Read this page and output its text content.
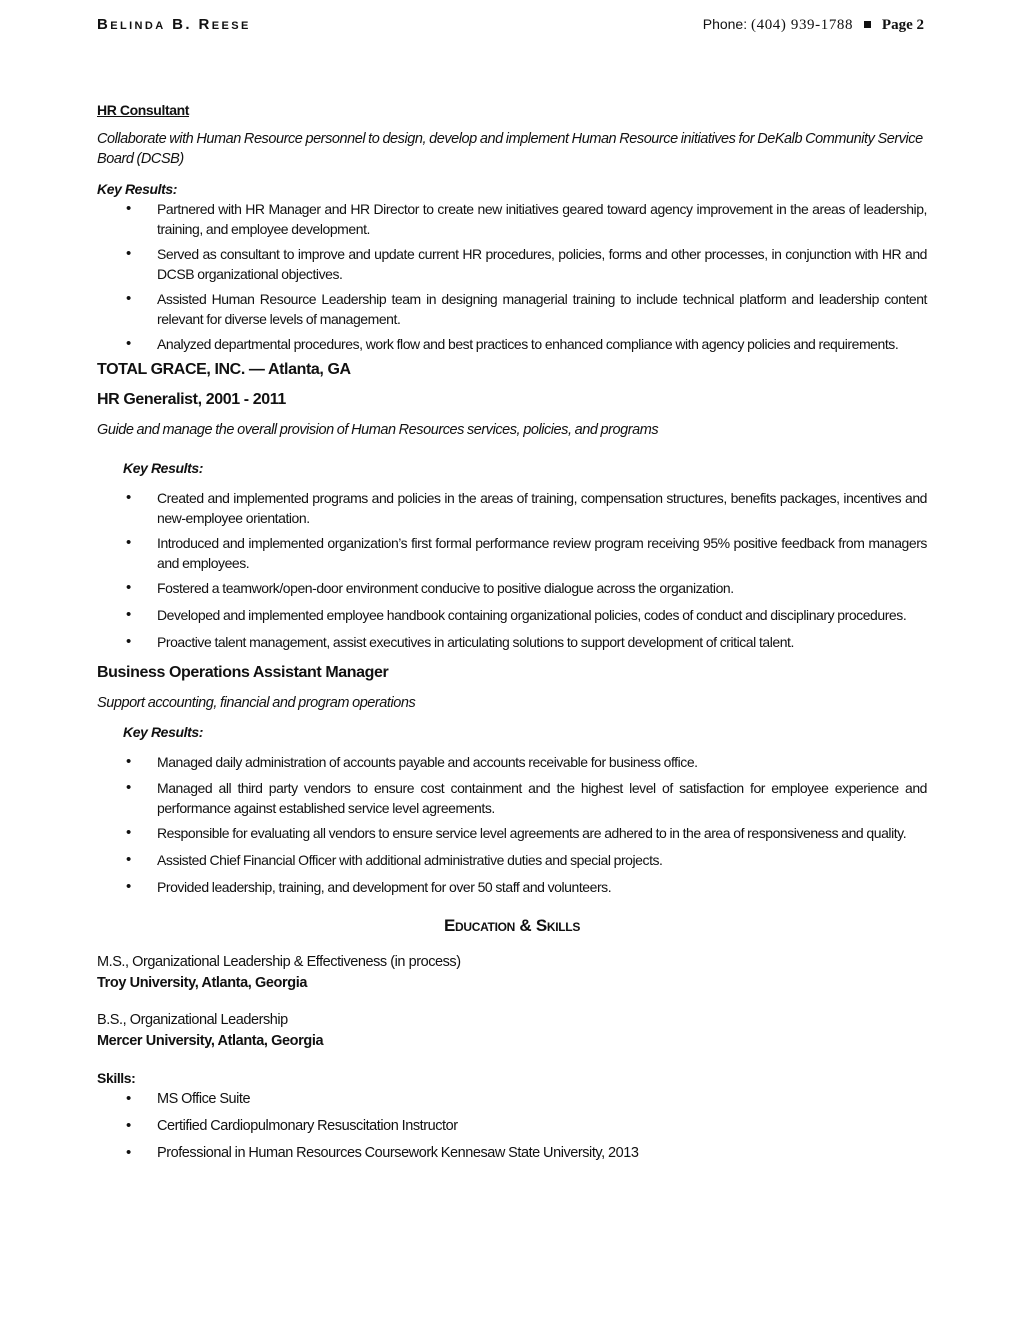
Belinda B. Reese	Phone: (404) 939-1788 Page 2

HR Consultant

Collaborate with Human Resource personnel to design, develop and implement Human Resource initiatives for DeKalb Community Service Board (DCSB)

Key Results:

• Partnered with HR Manager and HR Director to create new initiatives geared toward agency improvement in the areas of leadership, training, and employee development.
• Served as consultant to improve and update current HR procedures, policies, forms and other processes, in conjunction with HR and DCSB organizational objectives.
• Assisted Human Resource Leadership team in designing managerial training to include technical platform and leadership content relevant for diverse levels of management.
• Analyzed departmental procedures, work flow and best practices to enhanced compliance with agency policies and requirements.

TOTAL GRACE, INC. — Atlanta, GA

HR Generalist, 2001 - 2011

Guide and manage the overall provision of Human Resources services, policies, and programs

Key Results:

• Created and implemented programs and policies in the areas of training, compensation structures, benefits packages, incentives and new-employee orientation.
• Introduced and implemented organization’s first formal performance review program receiving 95% positive feedback from managers and employees.
• Fostered a teamwork/open-door environment conducive to positive dialogue across the organization.
• Developed and implemented employee handbook containing organizational policies, codes of conduct and disciplinary procedures.
• Proactive talent management, assist executives in articulating solutions to support development of critical talent.

Business Operations Assistant Manager

Support accounting, financial and program operations

Key Results:

• Managed daily administration of accounts payable and accounts receivable for business office.
• Managed all third party vendors to ensure cost containment and the highest level of satisfaction for employee experience and performance against established service level agreements.
• Responsible for evaluating all vendors to ensure service level agreements are adhered to in the area of responsiveness and quality.
• Assisted Chief Financial Officer with additional administrative duties and special projects.
• Provided leadership, training, and development for over 50 staff and volunteers.

Education & Skills

M.S., Organizational Leadership & Effectiveness (in process)

Troy University, Atlanta, Georgia

B.S., Organizational Leadership

Mercer University, Atlanta, Georgia

Skills:

• MS Office Suite
• Certified Cardiopulmonary Resuscitation Instructor
• Professional in Human Resources Coursework Kennesaw State University, 2013
